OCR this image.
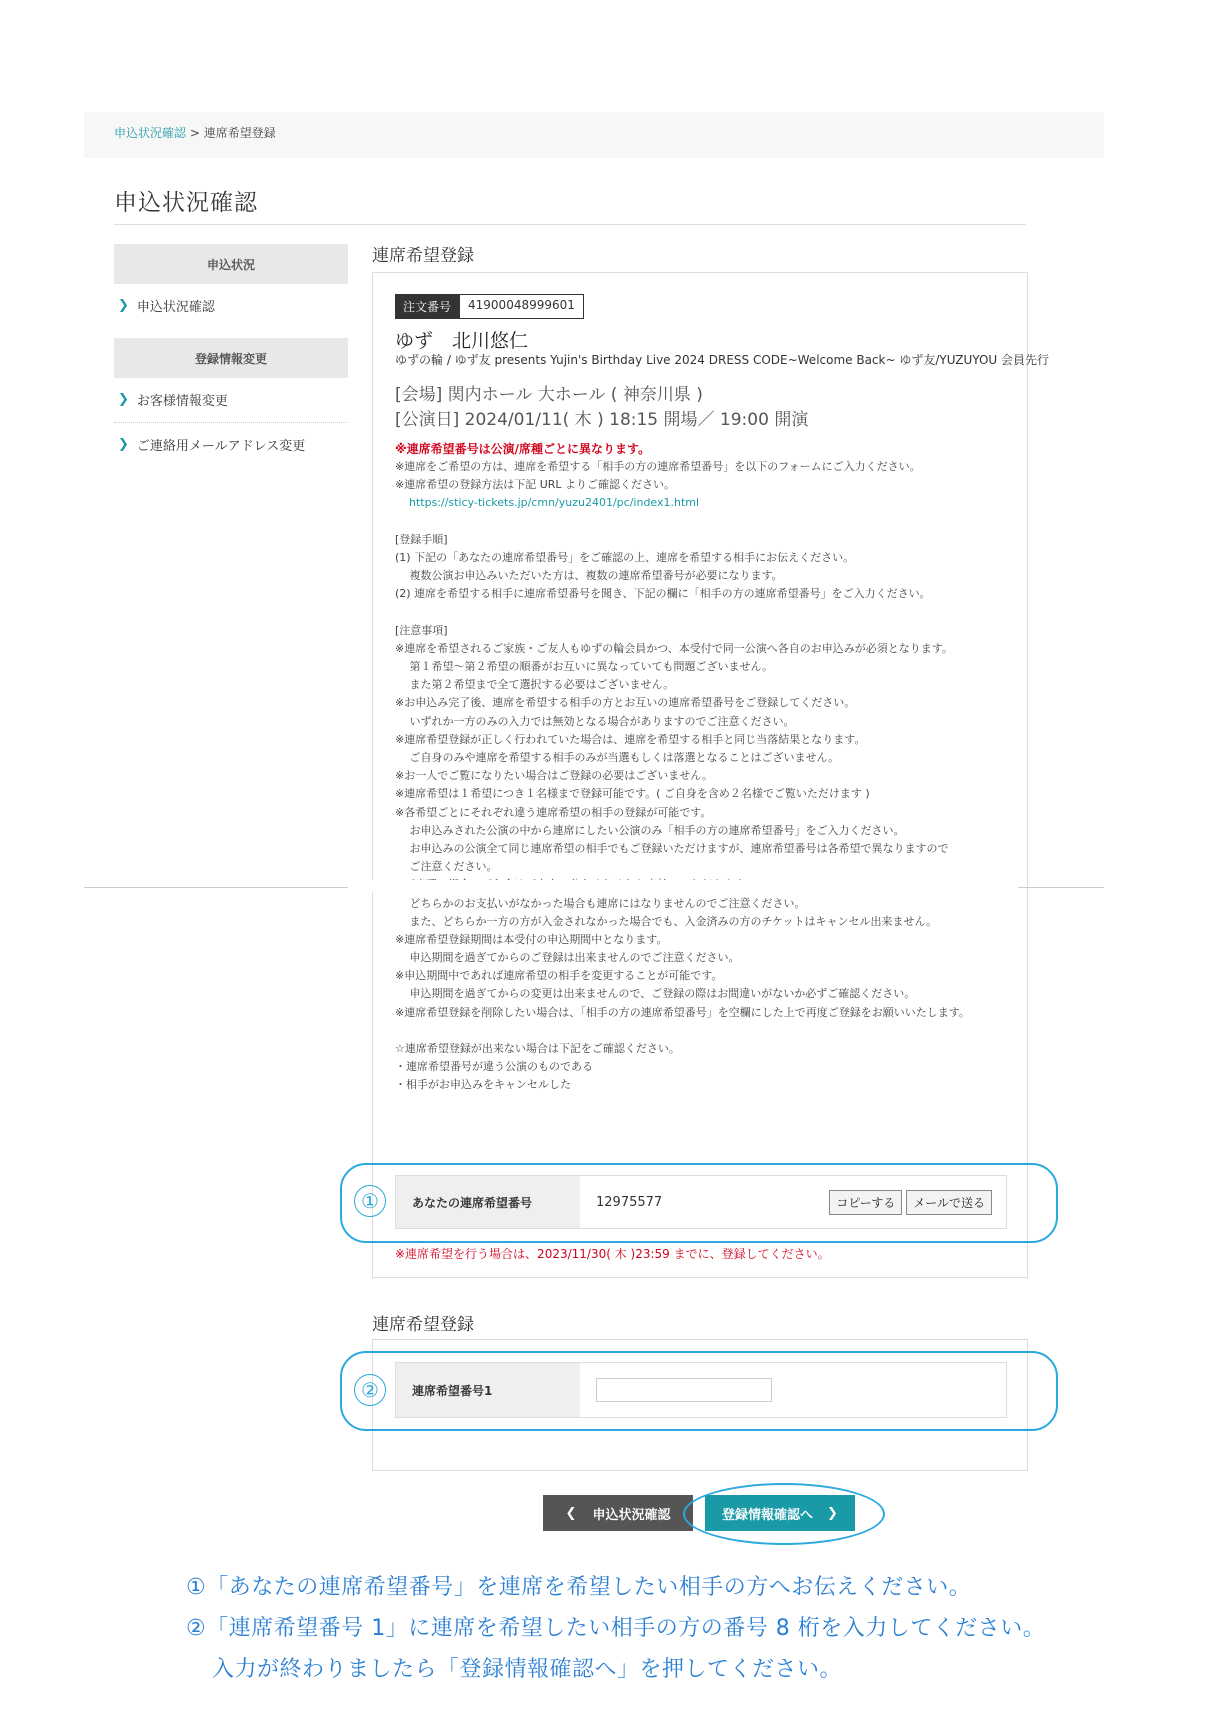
申込状況確認 > 連席希望登録
申込状況確認
申込状況
❯ 申込状況確認
登録情報変更
❯ お客様情報変更
❯ ご連絡用メールアドレス変更
連席希望登録
注文番号	41900048999601
ゆず　北川悠仁
ゆずの輪 / ゆず友 presents Yujin's Birthday Live 2024 DRESS CODE~Welcome Back~ ゆず友/YUZUYOU 会員先行
[会場] 関内ホール 大ホール ( 神奈川県 )
[公演日] 2024/01/11( 木 ) 18:15 開場／ 19:00 開演
※連席希望番号は公演/席種ごとに異なります。
※連席をご希望の方は、連席を希望する「相手の方の連席希望番号」を以下のフォームにご入力ください。
※連席希望の登録方法は下記 URL よりご確認ください。
https://sticy-tickets.jp/cmn/yuzu2401/pc/index1.html
[登録手順]
(1) 下記の「あなたの連席希望番号」をご確認の上、連席を希望する相手にお伝えください。
　 複数公演お申込みいただいた方は、複数の連席希望番号が必要になります。
(2) 連席を希望する相手に連席希望番号を聞き、下記の欄に「相手の方の連席希望番号」をご入力ください。
[注意事項]
※連席を希望されるご家族・ご友人もゆずの輪会員かつ、本受付で同一公演へ各自のお申込みが必須となります。
　 第１希望～第２希望の順番がお互いに異なっていても問題ございません。
　 また第２希望まで全て選択する必要はございません。
※お申込み完了後、連席を希望する相手の方とお互いの連席希望番号をご登録してください。
　 いずれか一方のみの入力では無効となる場合がありますのでご注意ください。
※連席希望登録が正しく行われていた場合は、連席を希望する相手と同じ当落結果となります。
　 ご自身のみや連席を希望する相手のみが当選もしくは落選となることはございません。
※お一人でご覧になりたい場合はご登録の必要はございません。
※連席希望は１希望につき１名様まで登録可能です。( ご自身を含め２名様でご覧いただけます )
※各希望ごとにそれぞれ違う連席希望の相手の登録が可能です。
　 お申込みされた公演の中から連席にしたい公演のみ「相手の方の連席希望番号」をご入力ください。
　 お申込みの公演全て同じ連席希望の相手でもご登録いただけますが、連席希望番号は各希望で異なりますので
　 ご注意ください。
　 どちらかのお支払いがなかった場合も連席にはなりませんのでご注意ください。
　 また、どちらか一方の方が入金されなかった場合でも、入金済みの方のチケットはキャンセル出来ません。
※連席希望登録期間は本受付の申込期間中となります。
　 申込期間を過ぎてからのご登録は出来ませんのでご注意ください。
※申込期間中であれば連席希望の相手を変更することが可能です。
　 申込期間を過ぎてからの変更は出来ませんので、ご登録の際はお間違いがないか必ずご確認ください。
※連席希望登録を削除したい場合は、「相手の方の連席希望番号」を空欄にした上で再度ご登録をお願いいたします。
☆連席希望登録が出来ない場合は下記をご確認ください。
・連席希望番号が違う公演のものである
・相手がお申込みをキャンセルした
あなたの連席希望番号	12975577	コピーする	メールで送る
①
※連席希望を行う場合は、2023/11/30( 木 )23:59 までに、登録してください。
連席希望登録
連席希望番号1
②
❮ 申込状況確認	登録情報確認へ ❯
①「あなたの連席希望番号」を連席を希望したい相手の方へお伝えください。
②「連席希望番号 1」に連席を希望したい相手の方の番号 8 桁を入力してください。
入力が終わりましたら「登録情報確認へ」を押してください。
